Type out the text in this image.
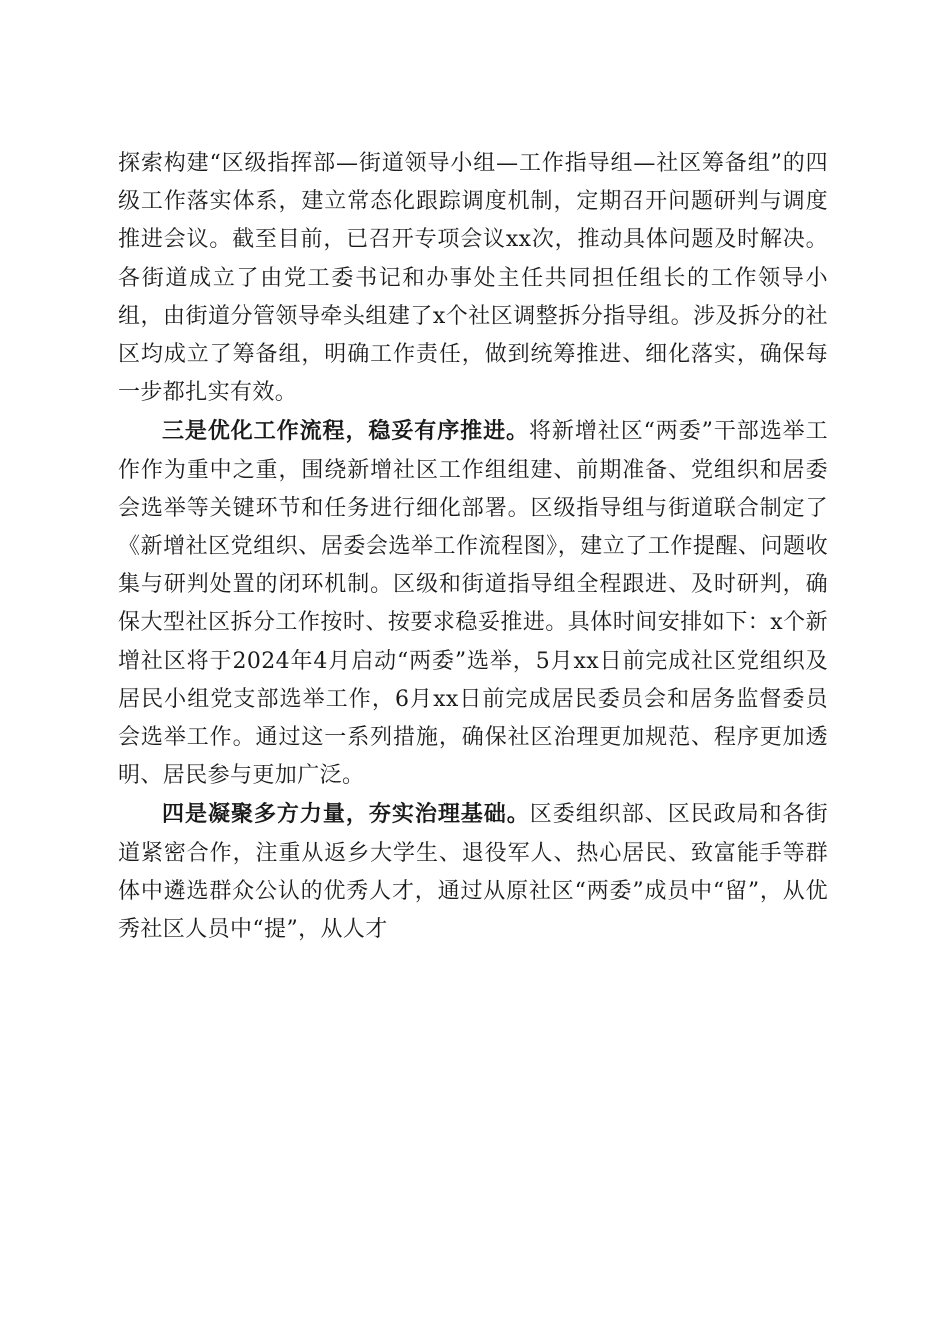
探索构建“区级指挥部—街道领导小组—工作指导组—社区筹备组”的四级工作落实体系，建立常态化跟踪调度机制，定期召开问题研判与调度推进会议。截至目前，已召开专项会议xx次，推动具体问题及时解决。各街道成立了由党工委书记和办事处主任共同担任组长的工作领导小组，由街道分管领导牵头组建了x个社区调整拆分指导组。涉及拆分的社区均成立了筹备组，明确工作责任，做到统筹推进、细化落实，确保每一步都扎实有效。

三是优化工作流程，稳妥有序推进。将新增社区“两委”干部选举工作作为重中之重，围绕新增社区工作组组建、前期准备、党组织和居委会选举等关键环节和任务进行细化部署。区级指导组与街道联合制定了《新增社区党组织、居委会选举工作流程图》，建立了工作提醒、问题收集与研判处置的闭环机制。区级和街道指导组全程跟进、及时研判，确保大型社区拆分工作按时、按要求稳妥推进。具体时间安排如下：x个新增社区将于2024年4月启动“两委”选举，5月xx日前完成社区党组织及居民小组党支部选举工作，6月xx日前完成居民委员会和居务监督委员会选举工作。通过这一系列措施，确保社区治理更加规范、程序更加透明、居民参与更加广泛。

四是凝聚多方力量，夯实治理基础。区委组织部、区民政局和各街道紧密合作，注重从返乡大学生、退役军人、热心居民、致富能手等群体中遴选群众公认的优秀人才，通过从原社区“两委”成员中“留”，从优秀社区人员中“提”，从人才
